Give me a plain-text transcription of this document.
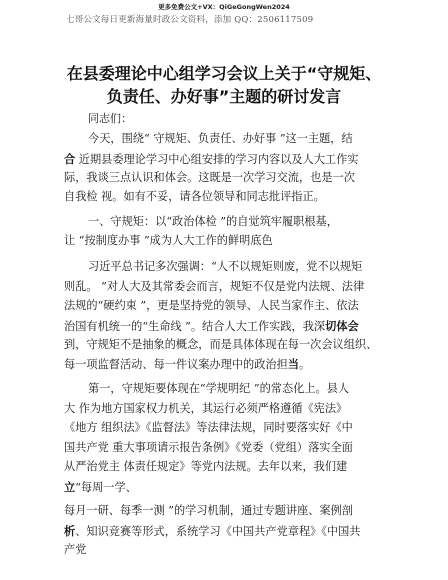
更多免费公文+VX：QiGeGongWen2024
七哥公文每日更新海量时政公文资料，添加 QQ：2506117509
在县委理论中心组学习会议上关于“守规矩、
负责任、办好事”主题的研讨发言
同志们：
今天，围绕“ 守规矩、负责任、办好事 ”这一主题，结
合 近期县委理论学习中心组安排的学习内容以及人大工作实
际，我谈三点认识和体会。这既是一次学习交流，也是一次
自我检 视。如有不妥，请各位领导和同志批评指正。
一、守规矩：以“政治体检 ”的自觉筑牢履职根基，
让 “按制度办事 ”成为人大工作的鲜明底色
习近平总书记多次强调：“人不以规矩则废，党不以规矩
则乱。 ”对人大及其常委会而言，规矩不仅是党内法规、法律
法规的“硬约束 ”，更是坚持党的领导、人民当家作主、依法
治国有机统一的“生命线 ”。结合人大工作实践，我深切体会
到，守规矩不是抽象的概念，而是具体体现在每一次会议组织、
每一项监督活动、每一件议案办理中的政治担当。
第一，守规矩要体现在“学规明纪 ”的常态化上。县人
大 作为地方国家权力机关，其运行必须严格遵循《宪法》
《地方 组织法》《监督法》等法律法规，同时要落实好《中
国共产党 重大事项请示报告条例》《党委（党组）落实全面
从严治党主 体责任规定》等党内法规。去年以来，我们建
立“每周一学、
每月一研、每季一测 ”的学习机制，通过专题讲座、案例剖
析、知识竞赛等形式，系统学习《中国共产党章程》《中国共
产党
